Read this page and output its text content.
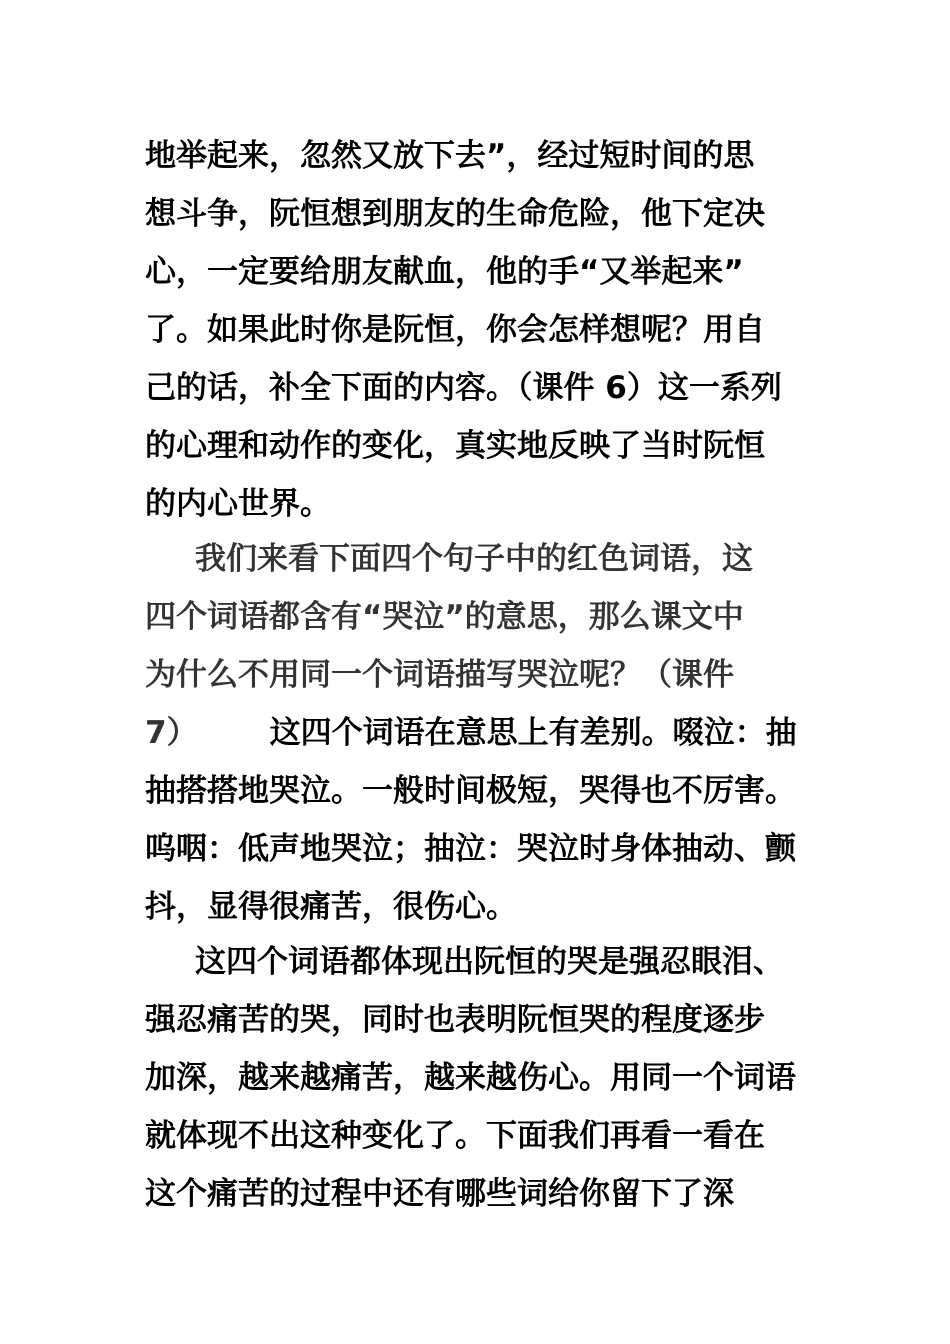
地举起来，忽然又放下去”，经过短时间的思
想斗争，阮恒想到朋友的生命危险，他下定决
心，一定要给朋友献血，他的手“又举起来”
了。如果此时你是阮恒，你会怎样想呢？用自
己的话，补全下面的内容。（课件 6）这一系列
的心理和动作的变化，真实地反映了当时阮恒
的内心世界。
我们来看下面四个句子中的红色词语，这
四个词语都含有“哭泣”的意思，那么课文中
为什么不用同一个词语描写哭泣呢？（课件
7） 这四个词语在意思上有差别。啜泣：抽
抽搭搭地哭泣。一般时间极短，哭得也不厉害。
呜咽：低声地哭泣；抽泣：哭泣时身体抽动、颤
抖，显得很痛苦，很伤心。
这四个词语都体现出阮恒的哭是强忍眼泪、
强忍痛苦的哭，同时也表明阮恒哭的程度逐步
加深，越来越痛苦，越来越伤心。用同一个词语
就体现不出这种变化了。下面我们再看一看在
这个痛苦的过程中还有哪些词给你留下了深
